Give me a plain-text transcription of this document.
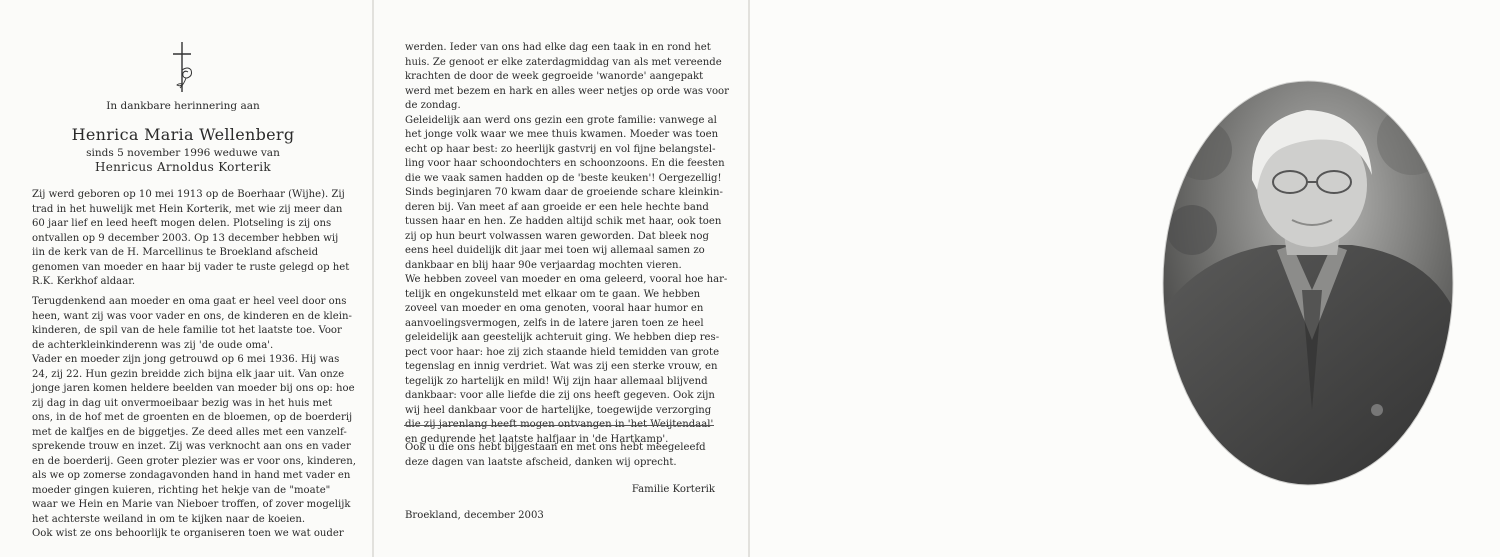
In dankbare herinnering aan
Henrica Maria Wellenberg
sinds 5 november 1996 weduwe van
Henricus Arnoldus Korterik
Zij werd geboren op 10 mei 1913 op de Boerhaar (Wijhe). Zij
trad in het huwelijk met Hein Korterik, met wie zij meer dan
60 jaar lief en leed heeft mogen delen. Plotseling is zij ons
ontvallen op 9 december 2003. Op 13 december hebben wij
iin de kerk van de H. Marcellinus te Broekland afscheid
genomen van moeder en haar bij vader te ruste gelegd op het
R.K. Kerkhof aldaar.
Terugdenkend aan moeder en oma gaat er heel veel door ons
heen, want zij was voor vader en ons, de kinderen en de klein-
kinderen, de spil van de hele familie tot het laatste toe. Voor
de achterkleinkinderenn was zij 'de oude oma'.
Vader en moeder zijn jong getrouwd op 6 mei 1936. Hij was
24, zij 22. Hun gezin breidde zich bijna elk jaar uit. Van onze
jonge jaren komen heldere beelden van moeder bij ons op: hoe
zij dag in dag uit onvermoeibaar bezig was in het huis met
ons, in de hof met de groenten en de bloemen, op de boerderij
met de kalfjes en de biggetjes. Ze deed alles met een vanzelf-
sprekende trouw en inzet. Zij was verknocht aan ons en vader
en de boerderij. Geen groter plezier was er voor ons, kinderen,
als we op zomerse zondagavonden hand in hand met vader en
moeder gingen kuieren, richting het hekje van de "moate"
waar we Hein en Marie van Nieboer troffen, of zover mogelijk
het achterste weiland in om te kijken naar de koeien.
Ook wist ze ons behoorlijk te organiseren toen we wat ouder
werden. Ieder van ons had elke dag een taak in en rond het
huis. Ze genoot er elke zaterdagmiddag van als met vereende
krachten de door de week gegroeide 'wanorde' aangepakt
werd met bezem en hark en alles weer netjes op orde was voor
de zondag.
Geleidelijk aan werd ons gezin een grote familie: vanwege al
het jonge volk waar we mee thuis kwamen. Moeder was toen
echt op haar best: zo heerlijk gastvrij en vol fijne belangstel-
ling voor haar schoondochters en schoonzoons. En die feesten
die we vaak samen hadden op de 'beste keuken'! Oergezellig!
Sinds beginjaren 70 kwam daar de groeiende schare kleinkin-
deren bij. Van meet af aan groeide er een hele hechte band
tussen haar en hen. Ze hadden altijd schik met haar, ook toen
zij op hun beurt volwassen waren geworden. Dat bleek nog
eens heel duidelijk dit jaar mei toen wij allemaal samen zo
dankbaar en blij haar 90e verjaardag mochten vieren.
We hebben zoveel van moeder en oma geleerd, vooral hoe har-
telijk en ongekunsteld met elkaar om te gaan. We hebben
zoveel van moeder en oma genoten, vooral haar humor en
aanvoelingsvermogen, zelfs in de latere jaren toen ze heel
geleidelijk aan geestelijk achteruit ging. We hebben diep res-
pect voor haar: hoe zij zich staande hield temidden van grote
tegenslag en innig verdriet. Wat was zij een sterke vrouw, en
tegelijk zo hartelijk en mild! Wij zijn haar allemaal blijvend
dankbaar: voor alle liefde die zij ons heeft gegeven. Ook zijn
wij heel dankbaar voor de hartelijke, toegewijde verzorging
en gedurende het laatste halfjaar in 'de Hartkamp'.
Ook u die ons hebt bijgestaan en met ons hebt meegeleefd
deze dagen van laatste afscheid, danken wij oprecht.
Familie Korterik
Broekland, december 2003
